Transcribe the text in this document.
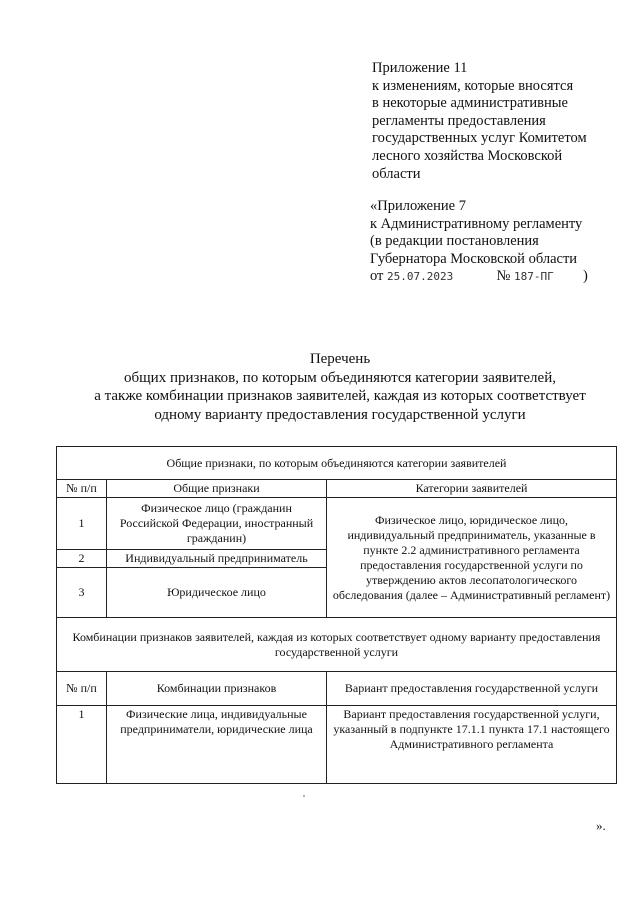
Приложение 11
к изменениям, которые вносятся
в некоторые административные
регламенты предоставления
государственных услуг Комитетом
лесного хозяйства Московской
области
«Приложение 7
к Административному регламенту
(в редакции постановления
Губернатора Московской области
от 25.07.2023	№ 187-ПГ )
Перечень
общих признаков, по которым объединяются категории заявителей,
а также комбинации признаков заявителей, каждая из которых соответствует
одному варианту предоставления государственной услуги
Общие признаки, по которым объединяются категории заявителей		
№ п/п	Общие признаки	Категории заявителей
1	Физическое лицо (гражданин Российской Федерации, иностранный гражданин)	Физическое лицо, юридическое лицо, индивидуальный предприниматель, указанные в пункте 2.2 административного регламента предоставления государственной услуги по утверждению актов лесопатологического обследования (далее – Административный регламент)
2	Индивидуальный предприниматель	
3	Юридическое лицо	
Комбинации признаков заявителей, каждая из которых соответствует одному варианту предоставления государственной услуги		
№ п/п	Комбинации признаков	Вариант предоставления государственной услуги
1	Физические лица, индивидуальные предприниматели, юридические лица	Вариант предоставления государственной услуги, указанный в подпункте 17.1.1 пункта 17.1 настоящего Административного регламента
».
